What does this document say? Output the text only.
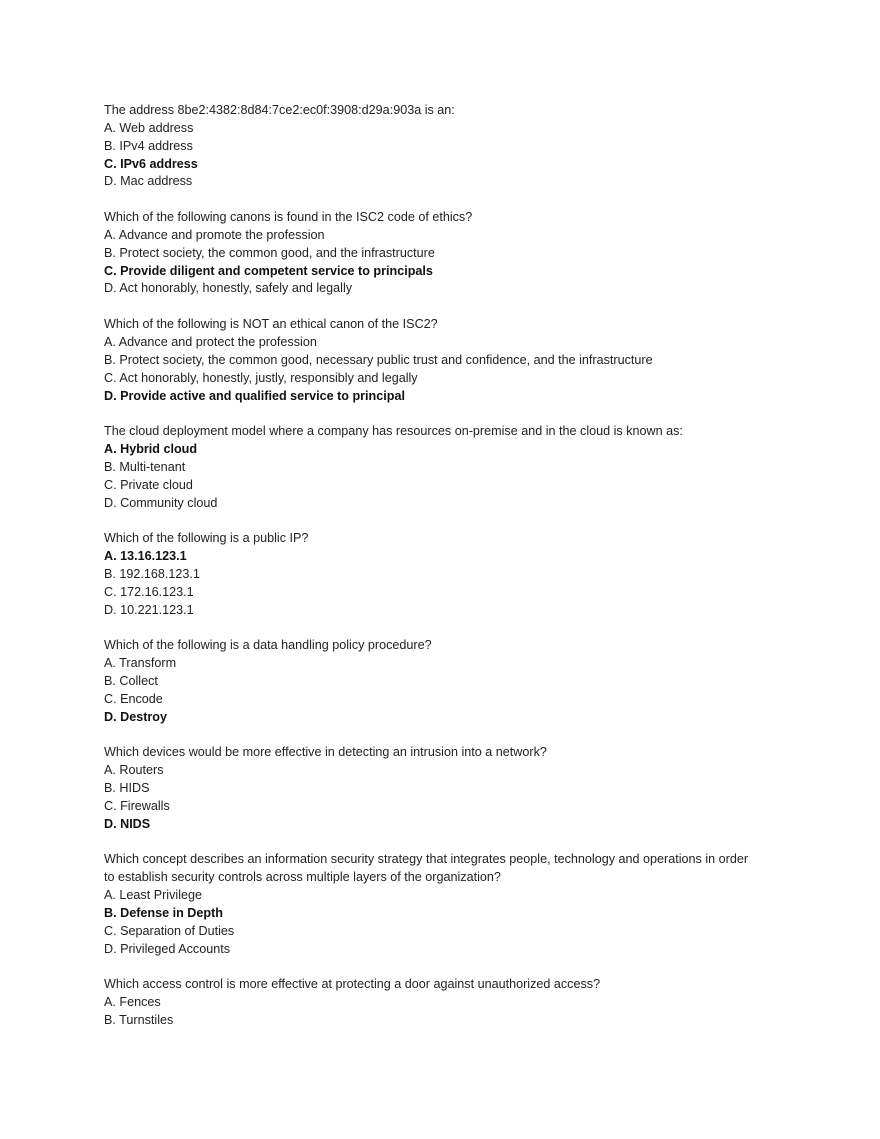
The address 8be2:4382:8d84:7ce2:ec0f:3908:d29a:903a is an:
A. Web address
B. IPv4 address
C. IPv6 address
D. Mac address
Which of the following canons is found in the ISC2 code of ethics?
A. Advance and promote the profession
B. Protect society, the common good, and the infrastructure
C. Provide diligent and competent service to principals
D. Act honorably, honestly, safely and legally
Which of the following is NOT an ethical canon of the ISC2?
A. Advance and protect the profession
B. Protect society, the common good, necessary public trust and confidence, and the infrastructure
C. Act honorably, honestly, justly, responsibly and legally
D. Provide active and qualified service to principal
The cloud deployment model where a company has resources on-premise and in the cloud is known as:
A. Hybrid cloud
B. Multi-tenant
C. Private cloud
D. Community cloud
Which of the following is a public IP?
A. 13.16.123.1
B. 192.168.123.1
C. 172.16.123.1
D. 10.221.123.1
Which of the following is a data handling policy procedure?
A. Transform
B. Collect
C. Encode
D. Destroy
Which devices would be more effective in detecting an intrusion into a network?
A. Routers
B. HIDS
C. Firewalls
D. NIDS
Which concept describes an information security strategy that integrates people, technology and operations in order
to establish security controls across multiple layers of the organization?
A. Least Privilege
B. Defense in Depth
C. Separation of Duties
D. Privileged Accounts
Which access control is more effective at protecting a door against unauthorized access?
A. Fences
B. Turnstiles
